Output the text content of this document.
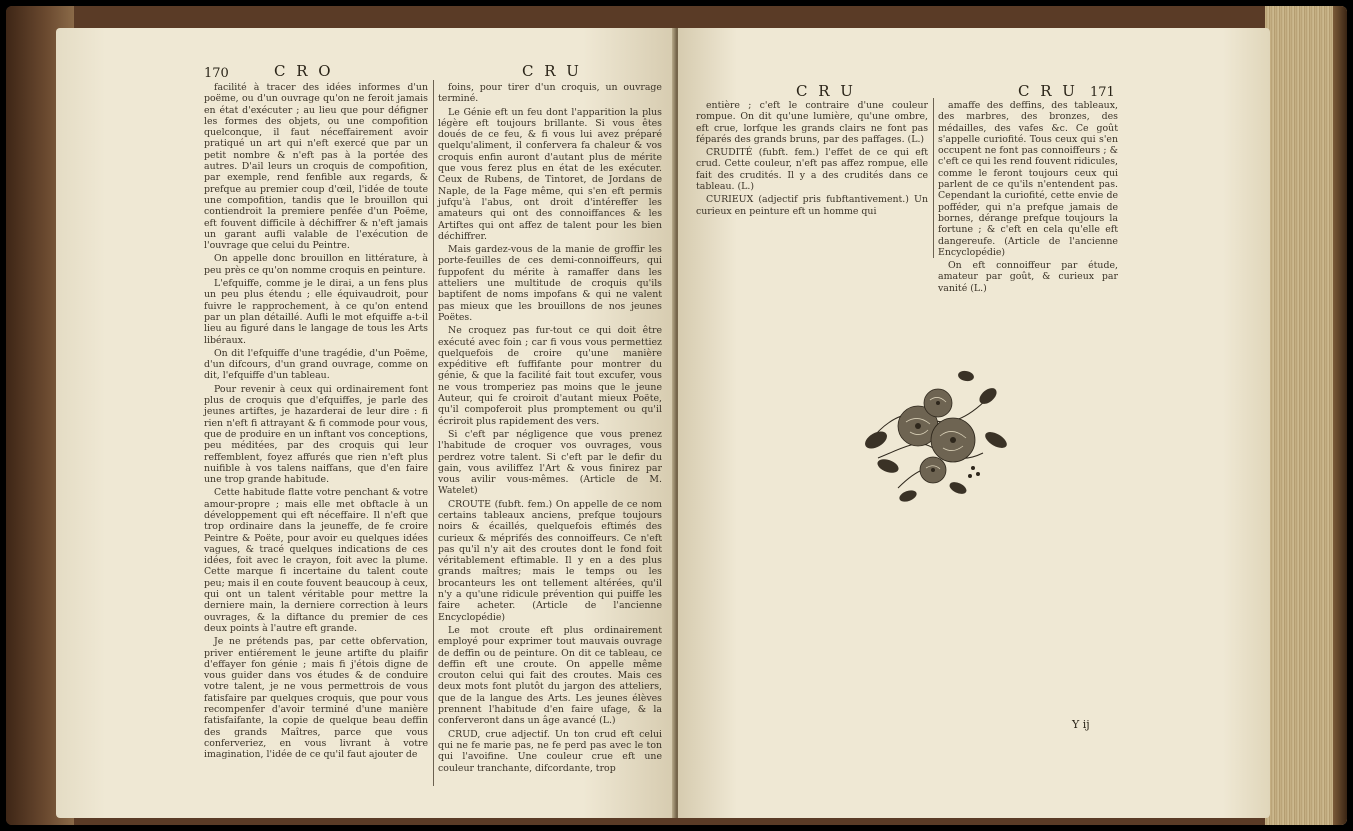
170	C R O	C R U

facilité à tracer des idées informes d'un poëme, ou d'un ouvrage qu'on ne feroit jamais en état d'exécuter ; au lieu que pour défigner les formes des objets, ou une compofition quelconque, il faut néceffairement avoir pratiqué un art qui n'eft exercé que par un petit nombre & n'eft pas à la portée des autres. D'ail leurs un croquis de compofition, par exemple, rend fenfible aux regards, & prefque au premier coup d'œil, l'idée de toute une compofition, tandis que le brouillon qui contiendroit la premiere penfée d'un Poëme, eft fouvent difficile à déchiffrer & n'eft jamais un garant aufli valable de l'exécution de l'ouvrage que celui du Peintre.

On appelle donc brouillon en littérature, à peu près ce qu'on nomme croquis en peinture.

L'efquiffe, comme je le dirai, a un fens plus un peu plus étendu ; elle équivaudroit, pour fuivre le rapprochement, à ce qu'on entend par un plan détaillé. Aufli le mot efquiffe a-t-il lieu au figuré dans le langage de tous les Arts libéraux.

On dit l'efquiffe d'une tragédie, d'un Poëme, d'un difcours, d'un grand ouvrage, comme on dit, l'efquiffe d'un tableau.

Pour revenir à ceux qui ordinairement font plus de croquis que d'efquiffes, je parle des jeunes artiftes, je hazarderai de leur dire : fi rien n'eft fi attrayant & fi commode pour vous, que de produire en un inftant vos conceptions, peu méditées, par des croquis qui leur reffemblent, foyez affurés que rien n'eft plus nuifible à vos talens naiffans, que d'en faire une trop grande habitude.

Cette habitude flatte votre penchant & votre amour-propre ; mais elle met obftacle à un développement qui eft néceffaire. Il n'eft que trop ordinaire dans la jeuneffe, de fe croire Peintre & Poëte, pour avoir eu quelques idées vagues, & tracé quelques indications de ces idées, foit avec le crayon, foit avec la plume. Cette marque fi incertaine du talent coute peu; mais il en coute fouvent beaucoup à ceux, qui ont un talent véritable pour mettre la derniere main, la derniere correction à leurs ouvrages, & la diftance du premier de ces deux points à l'autre eft grande.

Je ne prétends pas, par cette obfervation, priver entiérement le jeune artifte du plaifir d'effayer fon génie ; mais fi j'étois digne de vous guider dans vos études & de conduire votre talent, je ne vous permettrois de vous fatisfaire par quelques croquis, que pour vous recompenfer d'avoir terminé d'une manière fatisfaifante, la copie de quelque beau deffin des grands Maîtres, parce que vous conferveriez, en vous livrant à votre imagination, l'idée de ce qu'il faut ajouter de

foins, pour tirer d'un croquis, un ouvrage terminé.

Le Génie eft un feu dont l'apparition la plus légère eft toujours brillante. Si vous êtes doués de ce feu, & fi vous lui avez préparé quelqu'aliment, il confervera fa chaleur & vos croquis enfin auront d'autant plus de mérite que vous ferez plus en état de les exécuter. Ceux de Rubens, de Tintoret, de Jordans de Naple, de la Fage même, qui s'en eft permis jufqu'à l'abus, ont droit d'intéreffer les amateurs qui ont des connoiffances & les Artiftes qui ont affez de talent pour les bien déchiffrer.

Mais gardez-vous de la manie de groffir les porte-feuilles de ces demi-connoiffeurs, qui fuppofent du mérite à ramaffer dans les atteliers une multitude de croquis qu'ils baptifent de noms impofans & qui ne valent pas mieux que les brouillons de nos jeunes Poëtes.

Ne croquez pas fur-tout ce qui doit être exécuté avec foin ; car fi vous vous permettiez quelquefois de croire qu'une manière expéditive eft fuffifante pour montrer du génie, & que la facilité fait tout excufer, vous ne vous tromperiez pas moins que le jeune Auteur, qui fe croiroit d'autant mieux Poëte, qu'il compoferoit plus promptement ou qu'il écriroit plus rapidement des vers.

Si c'eft par négligence que vous prenez l'habitude de croquer vos ouvrages, vous perdrez votre talent. Si c'eft par le defir du gain, vous aviliffez l'Art & vous finirez par vous avilir vous-mêmes. (Article de M. Watelet)

CROUTE (fubft. fem.) On appelle de ce nom certains tableaux anciens, prefque toujours noirs & écaillés, quelquefois eftimés des curieux & méprifés des connoiffeurs. Ce n'eft pas qu'il n'y ait des croutes dont le fond foit véritablement eftimable. Il y en a des plus grands maîtres; mais le temps ou les brocanteurs les ont tellement altérées, qu'il n'y a qu'une ridicule prévention qui puiffe les faire acheter. (Article de l'ancienne Encyclopédie)

Le mot croute eft plus ordinairement employé pour exprimer tout mauvais ouvrage de deffin ou de peinture. On dit ce tableau, ce deffin eft une croute. On appelle même crouton celui qui fait des croutes. Mais ces deux mots font plutôt du jargon des atteliers, que de la langue des Arts. Les jeunes élèves prennent l'habitude d'en faire ufage, & la conferveront dans un âge avancé (L.)

CRUD, crue adjectif. Un ton crud eft celui qui ne fe marie pas, ne fe perd pas avec le ton qui l'avoifine. Une couleur crue eft une couleur tranchante, difcordante, trop

C R U	C R U 171

entière ; c'eft le contraire d'une couleur rompue. On dit qu'une lumière, qu'une ombre, eft crue, lorfque les grands clairs ne font pas féparés des grands bruns, par des paffages. (L.)

CRUDITÉ (fubft. fem.) l'effet de ce qui eft crud. Cette couleur, n'eft pas affez rompue, elle fait des crudités. Il y a des crudités dans ce tableau. (L.)

CURIEUX (adjectif pris fubftantivement.) Un curieux en peinture eft un homme qui

amaffe des deffins, des tableaux, des marbres, des bronzes, des médailles, des vafes &c. Ce goût s'appelle curiofité. Tous ceux qui s'en occupent ne font pas connoiffeurs ; & c'eft ce qui les rend fouvent ridicules, comme le feront toujours ceux qui parlent de ce qu'ils n'entendent pas. Cependant la curiofité, cette envie de pofféder, qui n'a prefque jamais de bornes, dérange prefque toujours la fortune ; & c'eft en cela qu'elle eft dangereufe. (Article de l'ancienne Encyclopédie)

On eft connoiffeur par étude, amateur par goût, & curieux par vanité (L.)

Y ij
